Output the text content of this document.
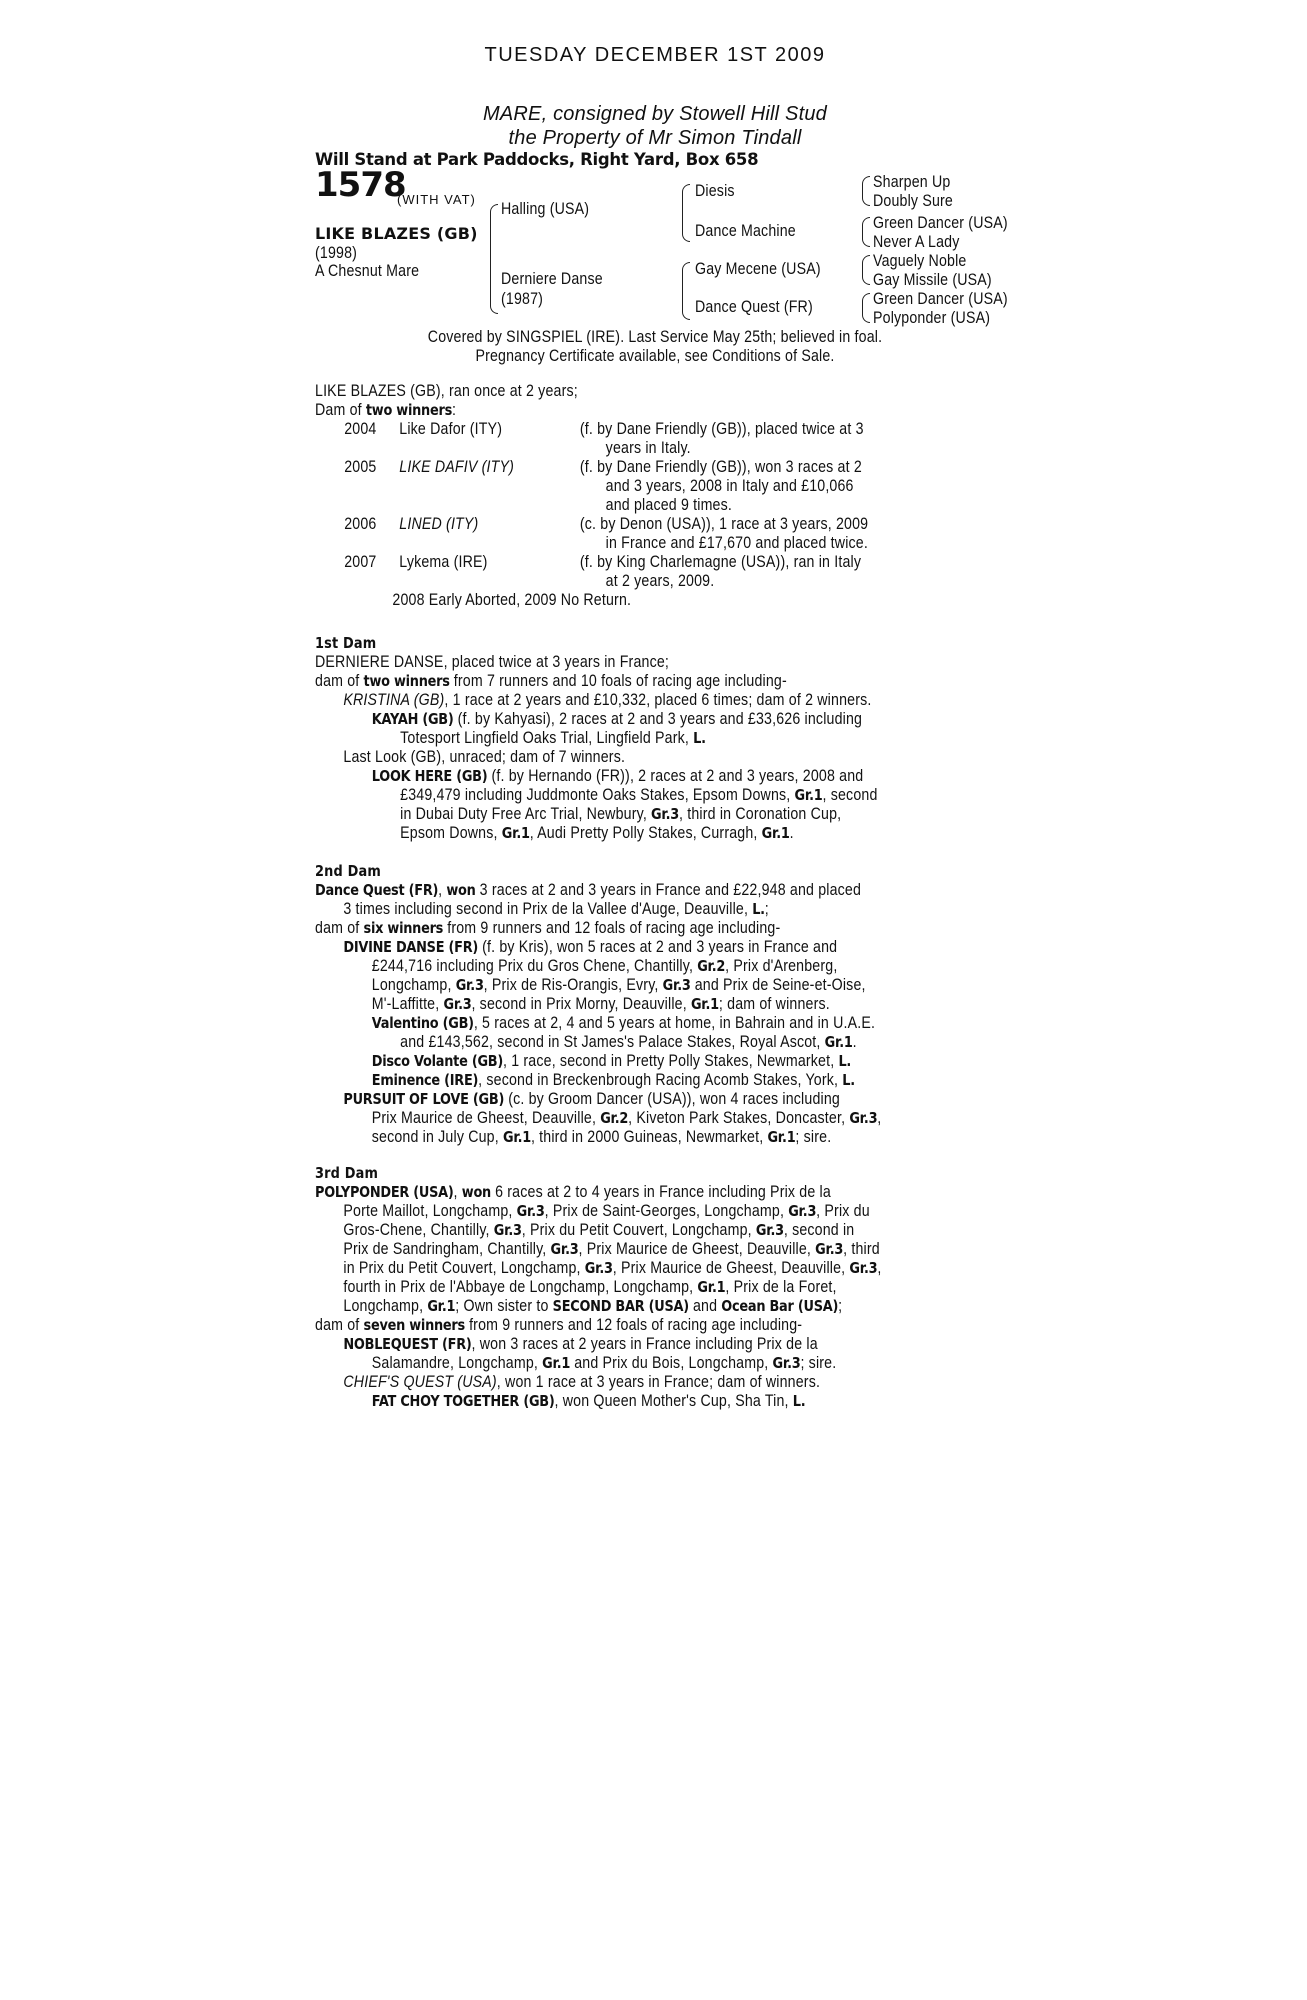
TUESDAY DECEMBER 1ST 2009
MARE, consigned by Stowell Hill Stud
the Property of Mr Simon Tindall
Will Stand at Park Paddocks, Right Yard, Box 658
1578
(WITH VAT)
LIKE BLAZES (GB)
(1998)
A Chesnut Mare
Halling (USA)
Derniere Danse
(1987)
Diesis
Dance Machine
Gay Mecene (USA)
Dance Quest (FR)
Sharpen Up
Doubly Sure
Green Dancer (USA)
Never A Lady
Vaguely Noble
Gay Missile (USA)
Green Dancer (USA)
Polyponder (USA)
Covered by SINGSPIEL (IRE). Last Service May 25th; believed in foal.
Pregnancy Certificate available, see Conditions of Sale.
LIKE BLAZES (GB), ran once at 2 years;
Dam of two winners:
2004	Like Dafor (ITY)	(f. by Dane Friendly (GB)), placed twice at 3
years in Italy.
2005	LIKE DAFIV (ITY)	(f. by Dane Friendly (GB)), won 3 races at 2
and 3 years, 2008 in Italy and £10,066
and placed 9 times.
2006	LINED (ITY)	(c. by Denon (USA)), 1 race at 3 years, 2009
in France and £17,670 and placed twice.
2007	Lykema (IRE)	(f. by King Charlemagne (USA)), ran in Italy
at 2 years, 2009.
2008 Early Aborted, 2009 No Return.
1st Dam
DERNIERE DANSE, placed twice at 3 years in France;
dam of two winners from 7 runners and 10 foals of racing age including-
KRISTINA (GB), 1 race at 2 years and £10,332, placed 6 times; dam of 2 winners.
KAYAH (GB) (f. by Kahyasi), 2 races at 2 and 3 years and £33,626 including
Totesport Lingfield Oaks Trial, Lingfield Park, L.
Last Look (GB), unraced; dam of 7 winners.
LOOK HERE (GB) (f. by Hernando (FR)), 2 races at 2 and 3 years, 2008 and
£349,479 including Juddmonte Oaks Stakes, Epsom Downs, Gr.1, second
in Dubai Duty Free Arc Trial, Newbury, Gr.3, third in Coronation Cup,
Epsom Downs, Gr.1, Audi Pretty Polly Stakes, Curragh, Gr.1.
2nd Dam
Dance Quest (FR), won 3 races at 2 and 3 years in France and £22,948 and placed
3 times including second in Prix de la Vallee d'Auge, Deauville, L.;
dam of six winners from 9 runners and 12 foals of racing age including-
DIVINE DANSE (FR) (f. by Kris), won 5 races at 2 and 3 years in France and
£244,716 including Prix du Gros Chene, Chantilly, Gr.2, Prix d'Arenberg,
Longchamp, Gr.3, Prix de Ris-Orangis, Evry, Gr.3 and Prix de Seine-et-Oise,
M'-Laffitte, Gr.3, second in Prix Morny, Deauville, Gr.1; dam of winners.
Valentino (GB), 5 races at 2, 4 and 5 years at home, in Bahrain and in U.A.E.
and £143,562, second in St James's Palace Stakes, Royal Ascot, Gr.1.
Disco Volante (GB), 1 race, second in Pretty Polly Stakes, Newmarket, L.
Eminence (IRE), second in Breckenbrough Racing Acomb Stakes, York, L.
PURSUIT OF LOVE (GB) (c. by Groom Dancer (USA)), won 4 races including
Prix Maurice de Gheest, Deauville, Gr.2, Kiveton Park Stakes, Doncaster, Gr.3,
second in July Cup, Gr.1, third in 2000 Guineas, Newmarket, Gr.1; sire.
3rd Dam
POLYPONDER (USA), won 6 races at 2 to 4 years in France including Prix de la
Porte Maillot, Longchamp, Gr.3, Prix de Saint-Georges, Longchamp, Gr.3, Prix du
Gros-Chene, Chantilly, Gr.3, Prix du Petit Couvert, Longchamp, Gr.3, second in
Prix de Sandringham, Chantilly, Gr.3, Prix Maurice de Gheest, Deauville, Gr.3, third
in Prix du Petit Couvert, Longchamp, Gr.3, Prix Maurice de Gheest, Deauville, Gr.3,
fourth in Prix de l'Abbaye de Longchamp, Longchamp, Gr.1, Prix de la Foret,
Longchamp, Gr.1; Own sister to SECOND BAR (USA) and Ocean Bar (USA);
dam of seven winners from 9 runners and 12 foals of racing age including-
NOBLEQUEST (FR), won 3 races at 2 years in France including Prix de la
Salamandre, Longchamp, Gr.1 and Prix du Bois, Longchamp, Gr.3; sire.
CHIEF'S QUEST (USA), won 1 race at 3 years in France; dam of winners.
FAT CHOY TOGETHER (GB), won Queen Mother's Cup, Sha Tin, L.
